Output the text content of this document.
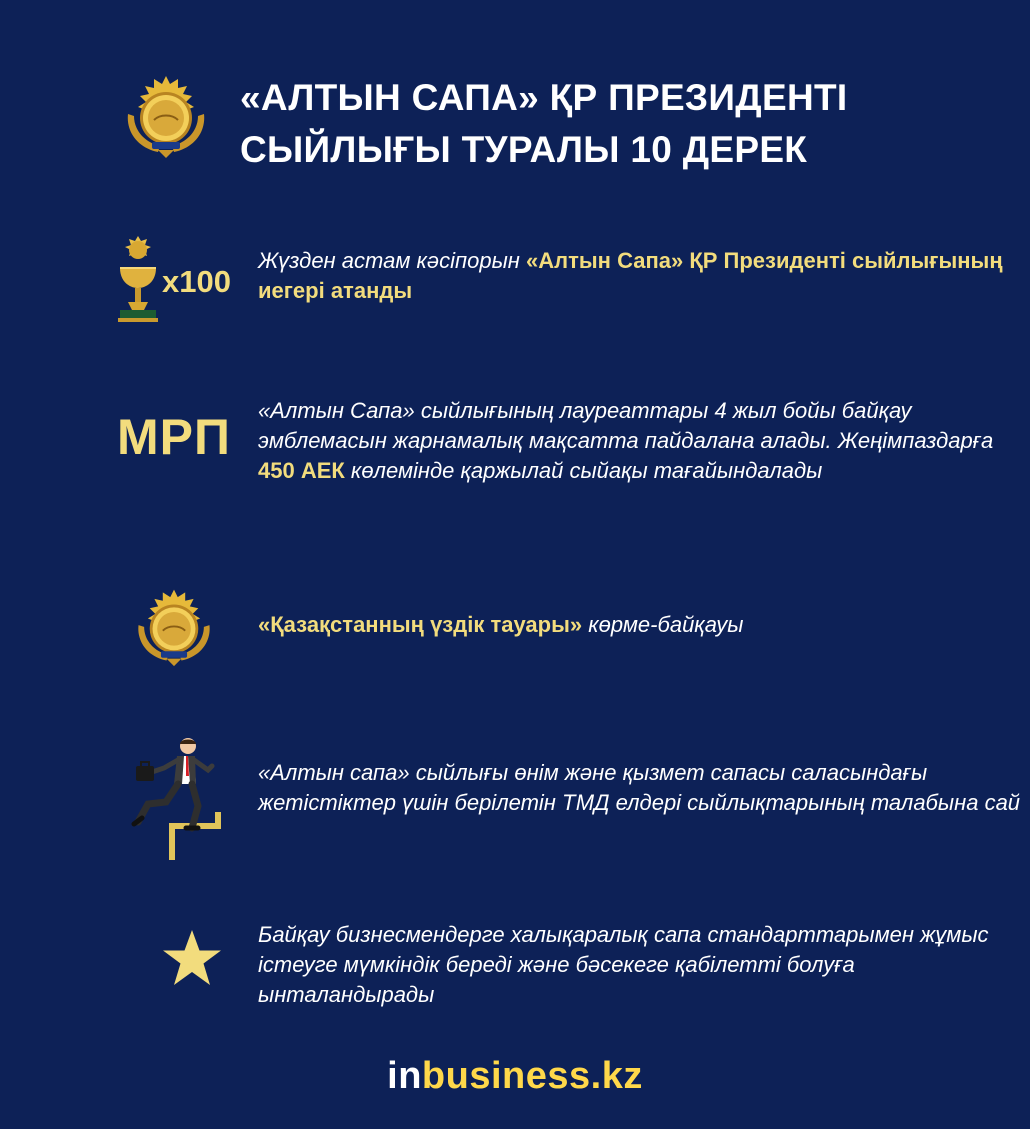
«АЛТЫН САПА» ҚР ПРЕЗИДЕНТІ
СЫЙЛЫҒЫ ТУРАЛЫ 10 ДЕРЕК
x100
Жүзден астам кәсіпорын «Алтын Сапа» ҚР Президенті сыйлығының иегері атанды
МРП «Алтын Сапа» сыйлығының лауреаттары 4 жыл бойы байқау эмблемасын жарнамалық мақсатта пайдалана алады. Жеңімпаздарға 450 АЕК көлемінде қаржылай сыйақы тағайындалады
«Қазақстанның үздік тауары» көрме-байқауы
«Алтын сапа» сыйлығы өнім және қызмет сапасы саласындағы жетістіктер үшін берілетін ТМД елдері сыйлықтарының талабына сай
Байқау бизнесмендерге халықаралық сапа стандарттарымен жұмыс істеуге мүмкіндік береді және бәсекеге қабілетті болуға ынталандырады
inbusiness.kz
